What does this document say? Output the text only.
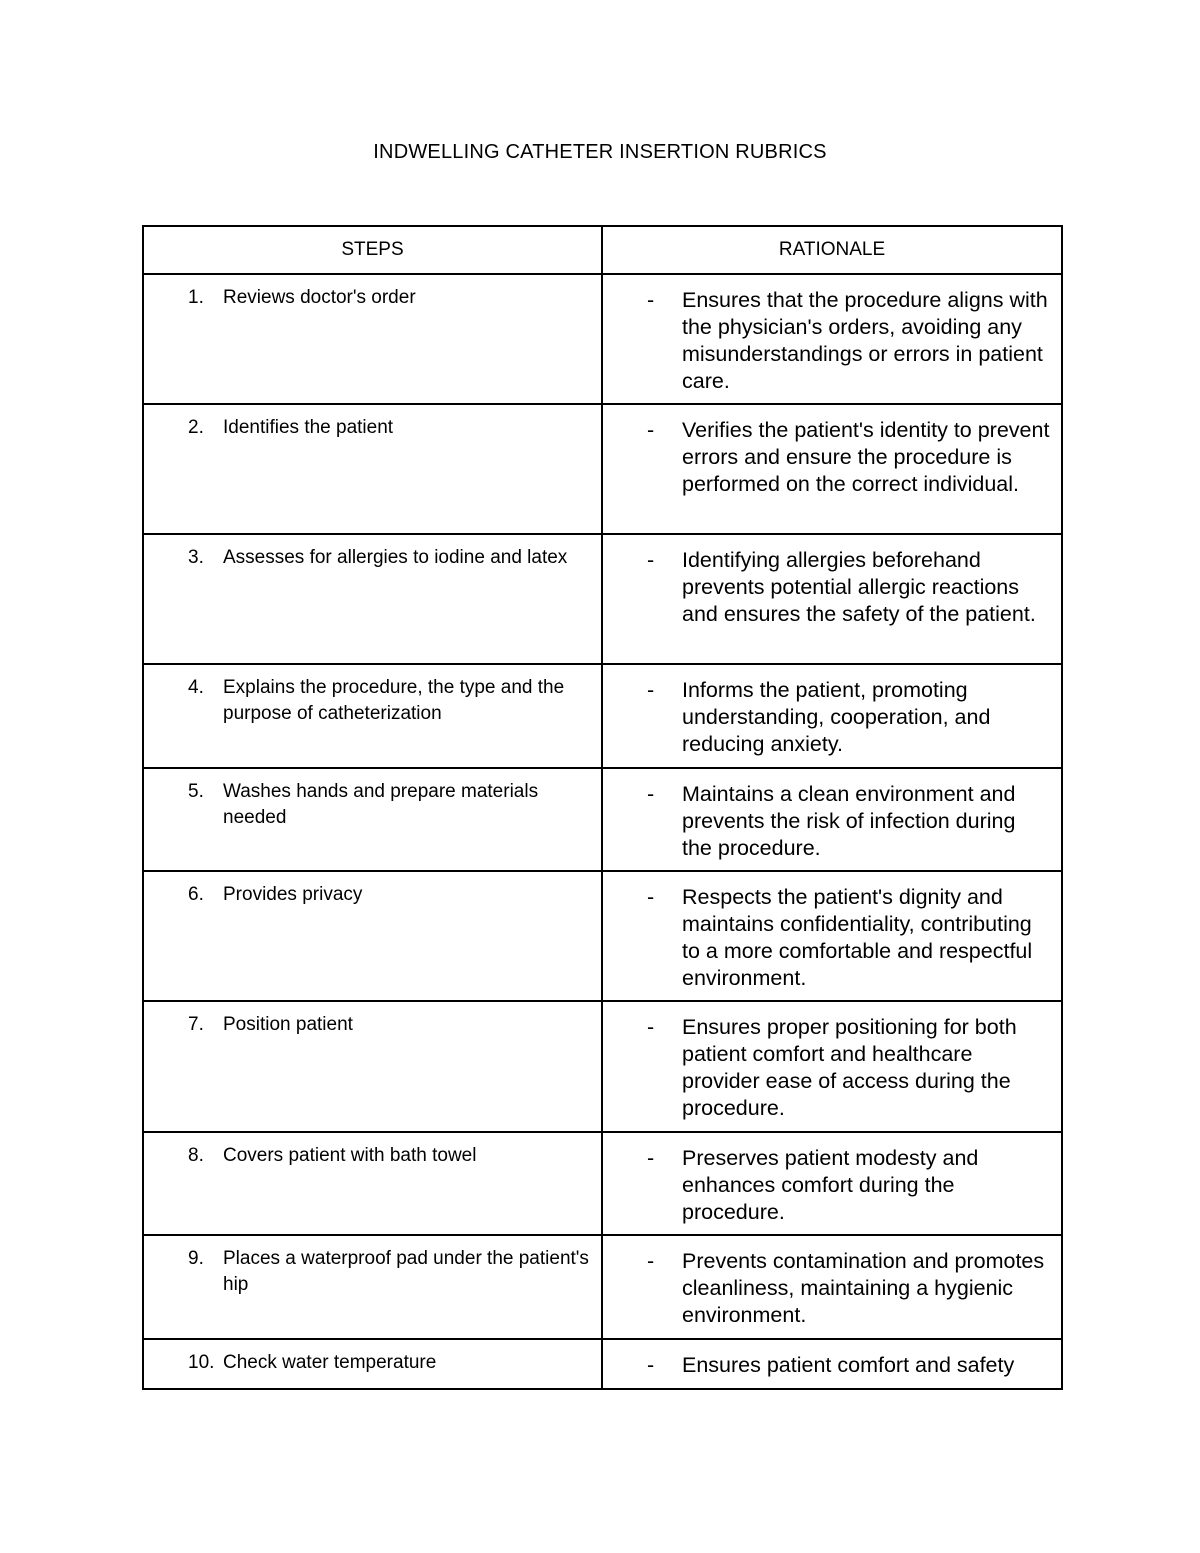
INDWELLING CATHETER INSERTION RUBRICS
STEPS	RATIONALE

1. Reviews doctor's order	- Ensures that the procedure aligns with the physician's orders, avoiding any misunderstandings or errors in patient care.

2. Identifies the patient	- Verifies the patient's identity to prevent errors and ensure the procedure is performed on the correct individual.

3. Assesses for allergies to iodine and latex	- Identifying allergies beforehand prevents potential allergic reactions and ensures the safety of the patient.

4. Explains the procedure, the type and the purpose of catheterization	- Informs the patient, promoting understanding, cooperation, and reducing anxiety.

5. Washes hands and prepare materials needed	- Maintains a clean environment and prevents the risk of infection during the procedure.

6. Provides privacy	- Respects the patient's dignity and maintains confidentiality, contributing to a more comfortable and respectful environment.

7. Position patient	- Ensures proper positioning for both patient comfort and healthcare provider ease of access during the procedure.

8. Covers patient with bath towel	- Preserves patient modesty and enhances comfort during the procedure.

9. Places a waterproof pad under the patient's hip	- Prevents contamination and promotes cleanliness, maintaining a hygienic environment.

10. Check water temperature	- Ensures patient comfort and safety
